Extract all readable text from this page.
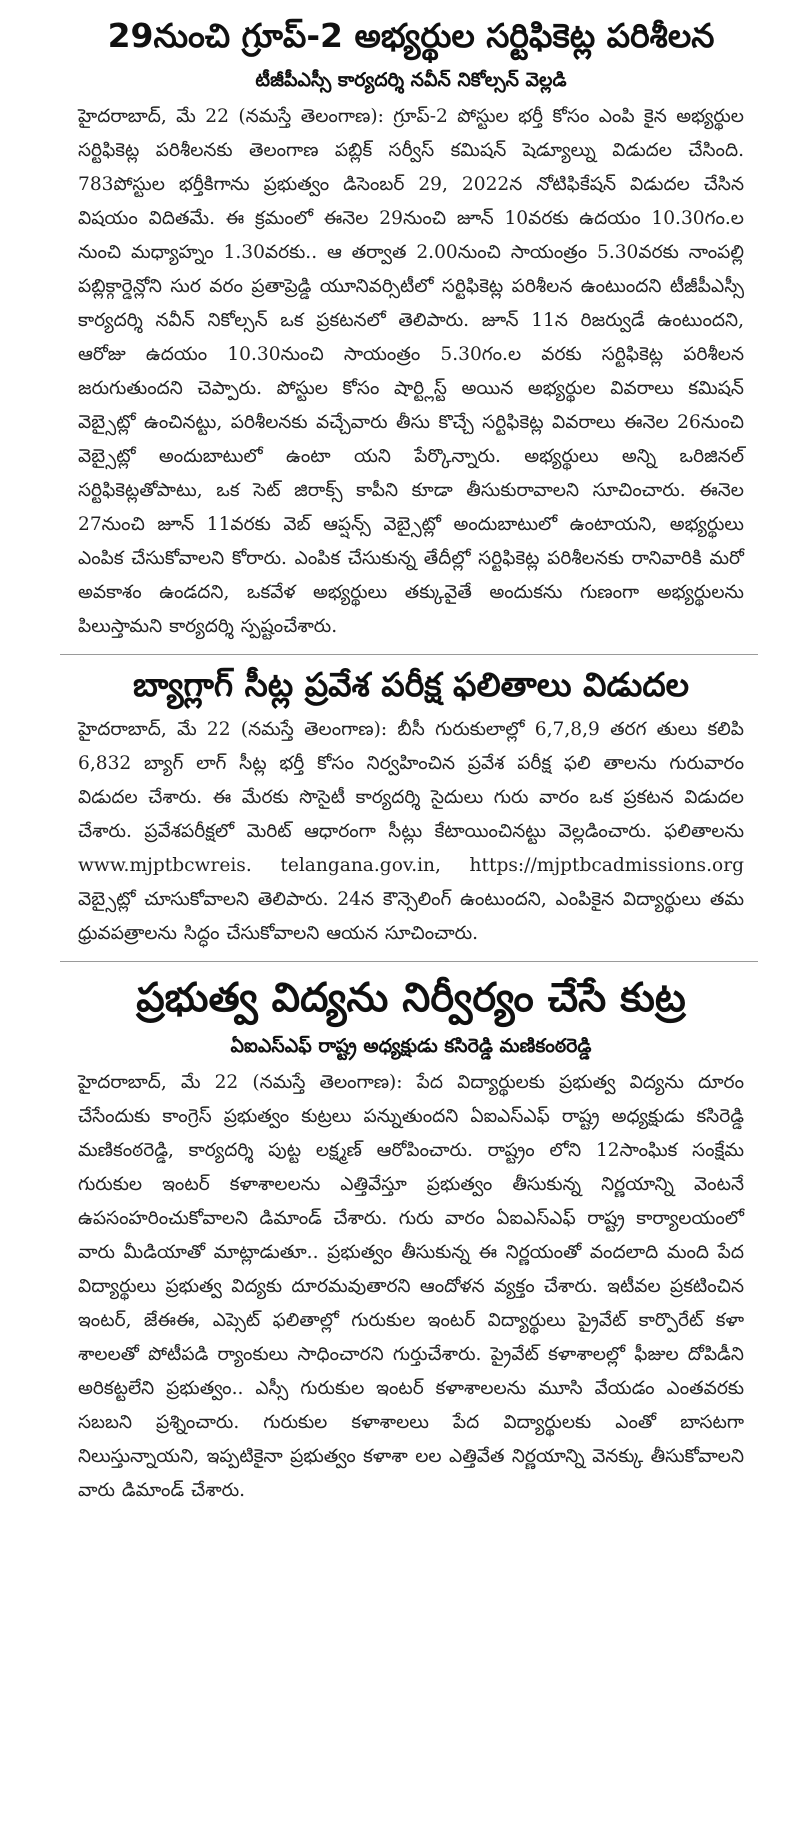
29నుంచి గ్రూప్-2 అభ్యర్థుల సర్టిఫికెట్ల పరిశీలన
టీజీపీఎస్సీ కార్యదర్శి నవీన్ నికోల్సన్ వెల్లడి

హైదరాబాద్, మే 22 (నమస్తే తెలంగాణ): గ్రూప్-2 పోస్టుల భర్తీ కోసం ఎంపి కైన అభ్యర్థుల సర్టిఫికెట్ల పరిశీలనకు తెలంగాణ పబ్లిక్ సర్వీస్ కమిషన్ షెడ్యూల్ను విడుదల చేసింది. 783పోస్టుల భర్తీకిగాను ప్రభుత్వం డిసెంబర్ 29, 2022న నోటిఫికేషన్ విడుదల చేసిన విషయం విదితమే. ఈ క్రమంలో ఈనెల 29నుంచి జూన్ 10వరకు ఉదయం 10.30గం.ల నుంచి మధ్యాహ్నం 1.30వరకు.. ఆ తర్వాత 2.00నుంచి సాయంత్రం 5.30వరకు నాంపల్లి పబ్లిక్గార్డెన్లోని సుర వరం ప్రతాప్రెడ్డి యూనివర్సిటీలో సర్టిఫికెట్ల పరిశీలన ఉంటుందని టీజీపీఎస్సీ కార్యదర్శి నవీన్ నికోల్సన్ ఒక ప్రకటనలో తెలిపారు. జూన్ 11న రిజర్వుడే ఉంటుందని, ఆరోజు ఉదయం 10.30నుంచి సాయంత్రం 5.30గం.ల వరకు సర్టిఫికెట్ల పరిశీలన జరుగుతుందని చెప్పారు. పోస్టుల కోసం షార్ట్లిస్ట్ అయిన అభ్యర్థుల వివరాలు కమిషన్ వెబ్సైట్లో ఉంచినట్టు, పరిశీలనకు వచ్చేవారు తీసు కొచ్చే సర్టిఫికెట్ల వివరాలు ఈనెల 26నుంచి వెబ్సైట్లో అందుబాటులో ఉంటా యని పేర్కొన్నారు. అభ్యర్థులు అన్ని ఒరిజినల్ సర్టిఫికెట్లతోపాటు, ఒక సెట్ జిరాక్స్ కాపీని కూడా తీసుకురావాలని సూచించారు. ఈనెల 27నుంచి జూన్ 11వరకు వెబ్ ఆప్షన్స్ వెబ్సైట్లో అందుబాటులో ఉంటాయని, అభ్యర్థులు ఎంపిక చేసుకోవాలని కోరారు. ఎంపిక చేసుకున్న తేదీల్లో సర్టిఫికెట్ల పరిశీలనకు రానివారికి మరో అవకాశం ఉండదని, ఒకవేళ అభ్యర్థులు తక్కువైతే అందుకను గుణంగా అభ్యర్థులను పిలుస్తామని కార్యదర్శి స్పష్టంచేశారు.

బ్యాగ్లాగ్ సీట్ల ప్రవేశ పరీక్ష ఫలితాలు విడుదల

హైదరాబాద్, మే 22 (నమస్తే తెలంగాణ): బీసీ గురుకులాల్లో 6,7,8,9 తరగ తులు కలిపి 6,832 బ్యాగ్ లాగ్ సీట్ల భర్తీ కోసం నిర్వహించిన ప్రవేశ పరీక్ష ఫలి తాలను గురువారం విడుదల చేశారు. ఈ మేరకు సొసైటీ కార్యదర్శి సైదులు గురు వారం ఒక ప్రకటన విడుదల చేశారు. ప్రవేశపరీక్షలో మెరిట్ ఆధారంగా సీట్లు కేటాయించినట్టు వెల్లడించారు. ఫలితాలను www.mjptbcwreis. telangana.gov.in, https://mjptbcadmissions.org వెబ్సైట్లో చూసుకోవాలని తెలిపారు. 24న కౌన్సెలింగ్ ఉంటుందని, ఎంపికైన విద్యార్థులు తమ ధ్రువపత్రాలను సిద్ధం చేసుకోవాలని ఆయన సూచించారు.

ప్రభుత్వ విద్యను నిర్వీర్యం చేసే కుట్ర
ఏఐఎస్ఎఫ్ రాష్ట్ర అధ్యక్షుడు కసిరెడ్డి మణికంఠరెడ్డి

హైదరాబాద్, మే 22 (నమస్తే తెలంగాణ): పేద విద్యార్థులకు ప్రభుత్వ విద్యను దూరం చేసేందుకు కాంగ్రెస్ ప్రభుత్వం కుట్రలు పన్నుతుందని ఏఐఎస్ఎఫ్ రాష్ట్ర అధ్యక్షుడు కసిరెడ్డి మణికంఠరెడ్డి, కార్యదర్శి పుట్ట లక్ష్మణ్ ఆరోపించారు. రాష్ట్రం లోని 12సాంఘిక సంక్షేమ గురుకుల ఇంటర్ కళాశాలలను ఎత్తివేస్తూ ప్రభుత్వం తీసుకున్న నిర్ణయాన్ని వెంటనే ఉపసంహరించుకోవాలని డిమాండ్ చేశారు. గురు వారం ఏఐఎస్ఎఫ్ రాష్ట్ర కార్యాలయంలో వారు మీడియాతో మాట్లాడుతూ.. ప్రభుత్వం తీసుకున్న ఈ నిర్ణయంతో వందలాది మంది పేద విద్యార్థులు ప్రభుత్వ విద్యకు దూరమవుతారని ఆందోళన వ్యక్తం చేశారు. ఇటీవల ప్రకటించిన ఇంటర్, జేఈఈ, ఎప్సెట్ ఫలితాల్లో గురుకుల ఇంటర్ విద్యార్థులు ప్రైవేట్ కార్పొరేట్ కళా శాలలతో పోటీపడి ర్యాంకులు సాధించారని గుర్తుచేశారు. ప్రైవేట్ కళాశాలల్లో ఫీజుల దోపిడీని అరికట్టలేని ప్రభుత్వం.. ఎస్సీ గురుకుల ఇంటర్ కళాశాలలను మూసి వేయడం ఎంతవరకు సబబని ప్రశ్నించారు. గురుకుల కళాశాలలు పేద విద్యార్థులకు ఎంతో బాసటగా నిలుస్తున్నాయని, ఇప్పటికైనా ప్రభుత్వం కళాశా లల ఎత్తివేత నిర్ణయాన్ని వెనక్కు తీసుకోవాలని వారు డిమాండ్ చేశారు.
